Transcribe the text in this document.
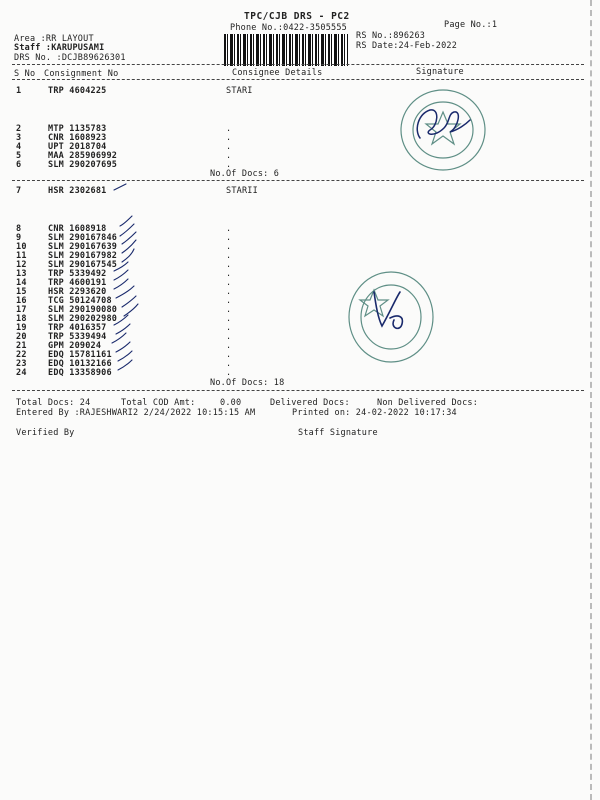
TPC/CJB DRS - PC2
Phone No.:0422-3505555	Page No.:1
Area :RR LAYOUT
Staff :KARUPUSAMI
DRS No. :DCJB89626301
RS No.:896263
RS Date:24-Feb-2022
S No Consignment No	Consignee Details	Signature
1	TRP 4604225	STARI
2	MTP 1135783	.
3	CNR 1608923	.
4	UPT 2018704	.
5	MAA 285906992	.
6	SLM 290207695	.
No.Of Docs: 6
7	HSR 2302681	STARII
8	CNR 1608918	.
9	SLM 290167846	.
10	SLM 290167639	.
11	SLM 290167982	.
12	SLM 290167545	.
13	TRP 5339492	.
14	TRP 4600191	.
15	HSR 2293620	.
16	TCG 50124708	.
17	SLM 290190080	.
18	SLM 290202980	.
19	TRP 4016357	.
20	TRP 5339494	.
21	GPM 209024	.
22	EDQ 15781161	.
23	EDQ 10132166	.
24	EDQ 13358906	.
No.Of Docs: 18
Total Docs: 24	Total COD Amt:	0.00	Delivered Docs:	Non Delivered Docs:
Entered By :RAJESHWARI2 2/24/2022 10:15:15 AM	Printed on: 24-02-2022 10:17:34
Verified By	Staff Signature
